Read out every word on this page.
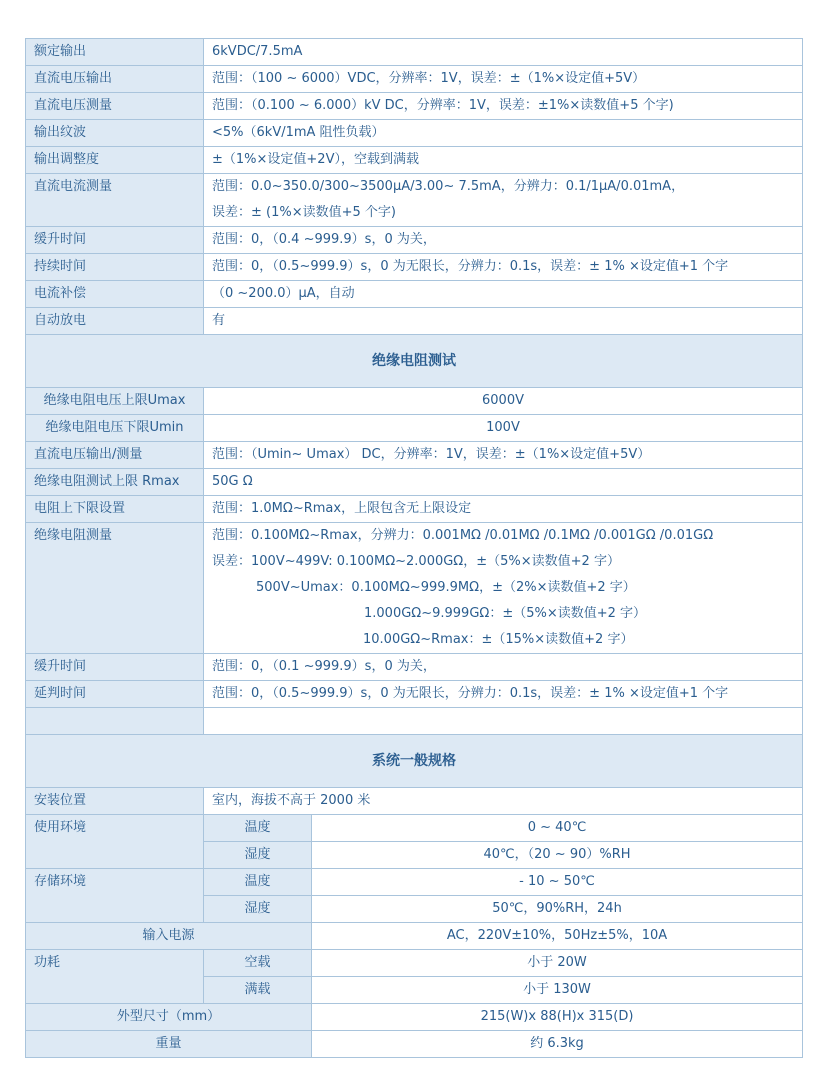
额定输出	6kVDC/7.5mA	
直流电压输出	范围：（100 ~ 6000）VDC，分辨率：1V，误差：±（1%×设定值+5V）	
直流电压测量	范围：（0.100 ~ 6.000）kV DC，分辨率：1V，误差：±1%×读数值+5 个字)	
输出纹波	<5%（6kV/1mA 阻性负载）	
输出调整度	±（1%×设定值+2V），空载到满载	
直流电流测量	范围：0.0~350.0/300~3500μA/3.00~ 7.5mA，分辨力：0.1/1μA/0.01mA，
误差：± (1%×读数值+5 个字)	

缓升时间	范围：0，（0.4 ~999.9）s，0 为关，	
持续时间	范围：0，（0.5~999.9）s，0 为无限长，分辨力：0.1s，误差：± 1% ×设定值+1 个字	
电流补偿	（0 ~200.0）μA，自动	
自动放电	有	
绝缘电阻测试		
绝缘电阻电压上限Umax	6000V	
绝缘电阻电压下限Umin	100V	
直流电压输出/测量	范围：（Umin~ Umax） DC，分辨率：1V，误差：±（1%×设定值+5V）	
绝缘电阻测试上限 Rmax	50G Ω	
电阻上下限设置	范围：1.0MΩ~Rmax，上限包含无上限设定	
绝缘电阻测量	范围：0.100MΩ~Rmax，分辨力：0.001MΩ /0.01MΩ /0.1MΩ /0.001GΩ /0.01GΩ
误差：100V~499V: 0.100MΩ~2.000GΩ，±（5%×读数值+2 字）
500V~Umax：0.100MΩ~999.9MΩ，±（2%×读数值+2 字）
1.000GΩ~9.999GΩ：±（5%×读数值+2 字）
10.00GΩ~Rmax：±（15%×读数值+2 字）	

缓升时间	范围：0，（0.1 ~999.9）s，0 为关，	
延判时间	范围：0，（0.5~999.9）s，0 为无限长，分辨力：0.1s，误差：± 1% ×设定值+1 个字	

系统一般规格		
安装位置	室内，海拔不高于 2000 米	
使用环境	温度	0 ~ 40℃
	湿度	40℃，（20 ~ 90）%RH
存储环境	温度	- 10 ~ 50℃
	湿度	50℃，90%RH，24h
输入电源		AC，220V±10%，50Hz±5%，10A
功耗	空载	小于 20W
	满载	小于 130W
外型尺寸（mm）		215(W)x 88(H)x 315(D)
重量		约 6.3kg
